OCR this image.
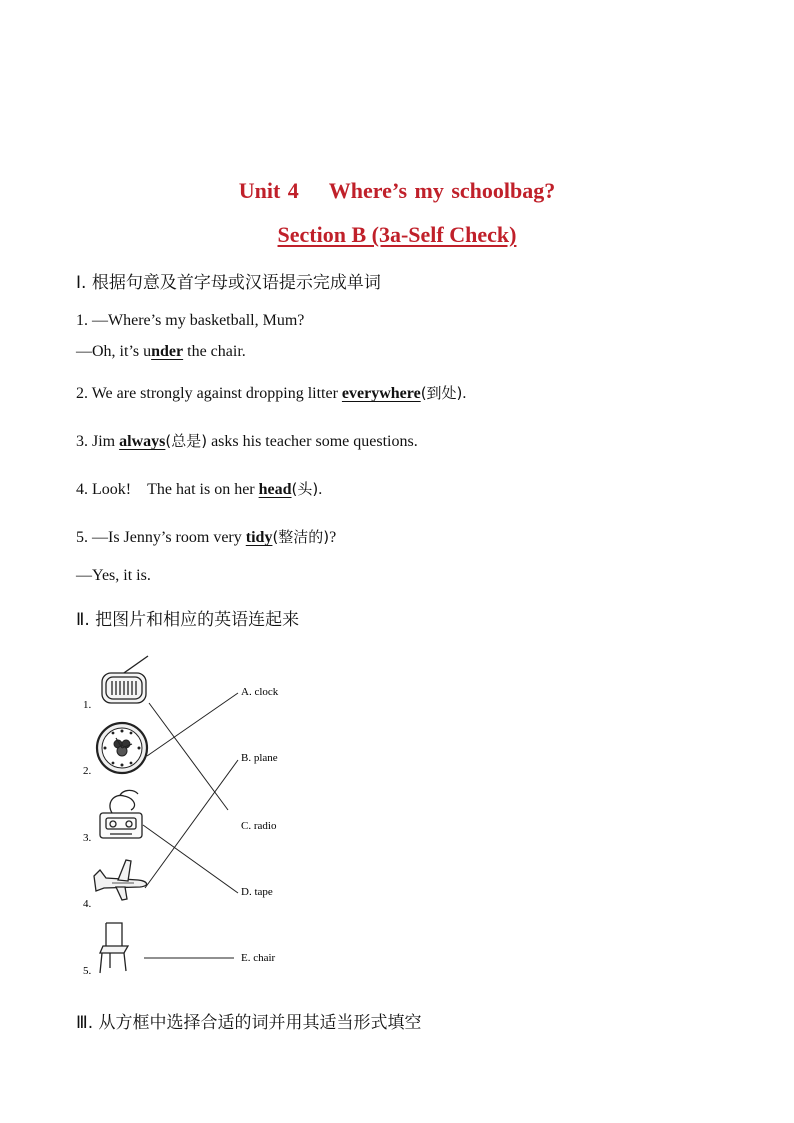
Unit 4    Where’s my schoolbag?
Section B (3a-Self Check)
Ⅰ. 根据句意及首字母或汉语提示完成单词
1. —Where’s my basketball, Mum?
—Oh, it’s under the chair.
2. We are strongly against dropping litter everywhere(到处).
3. Jim always(总是) asks his teacher some questions.
4. Look!    The hat is on her head(头).
5. —Is Jenny’s room very tidy(整洁的)?
—Yes, it is.
Ⅱ. 把图片和相应的英语连起来
1.
2.
3.
4.
5.
A. clock
B. plane
C. radio
D. tape
E. chair
Ⅲ. 从方框中选择合适的词并用其适当形式填空
